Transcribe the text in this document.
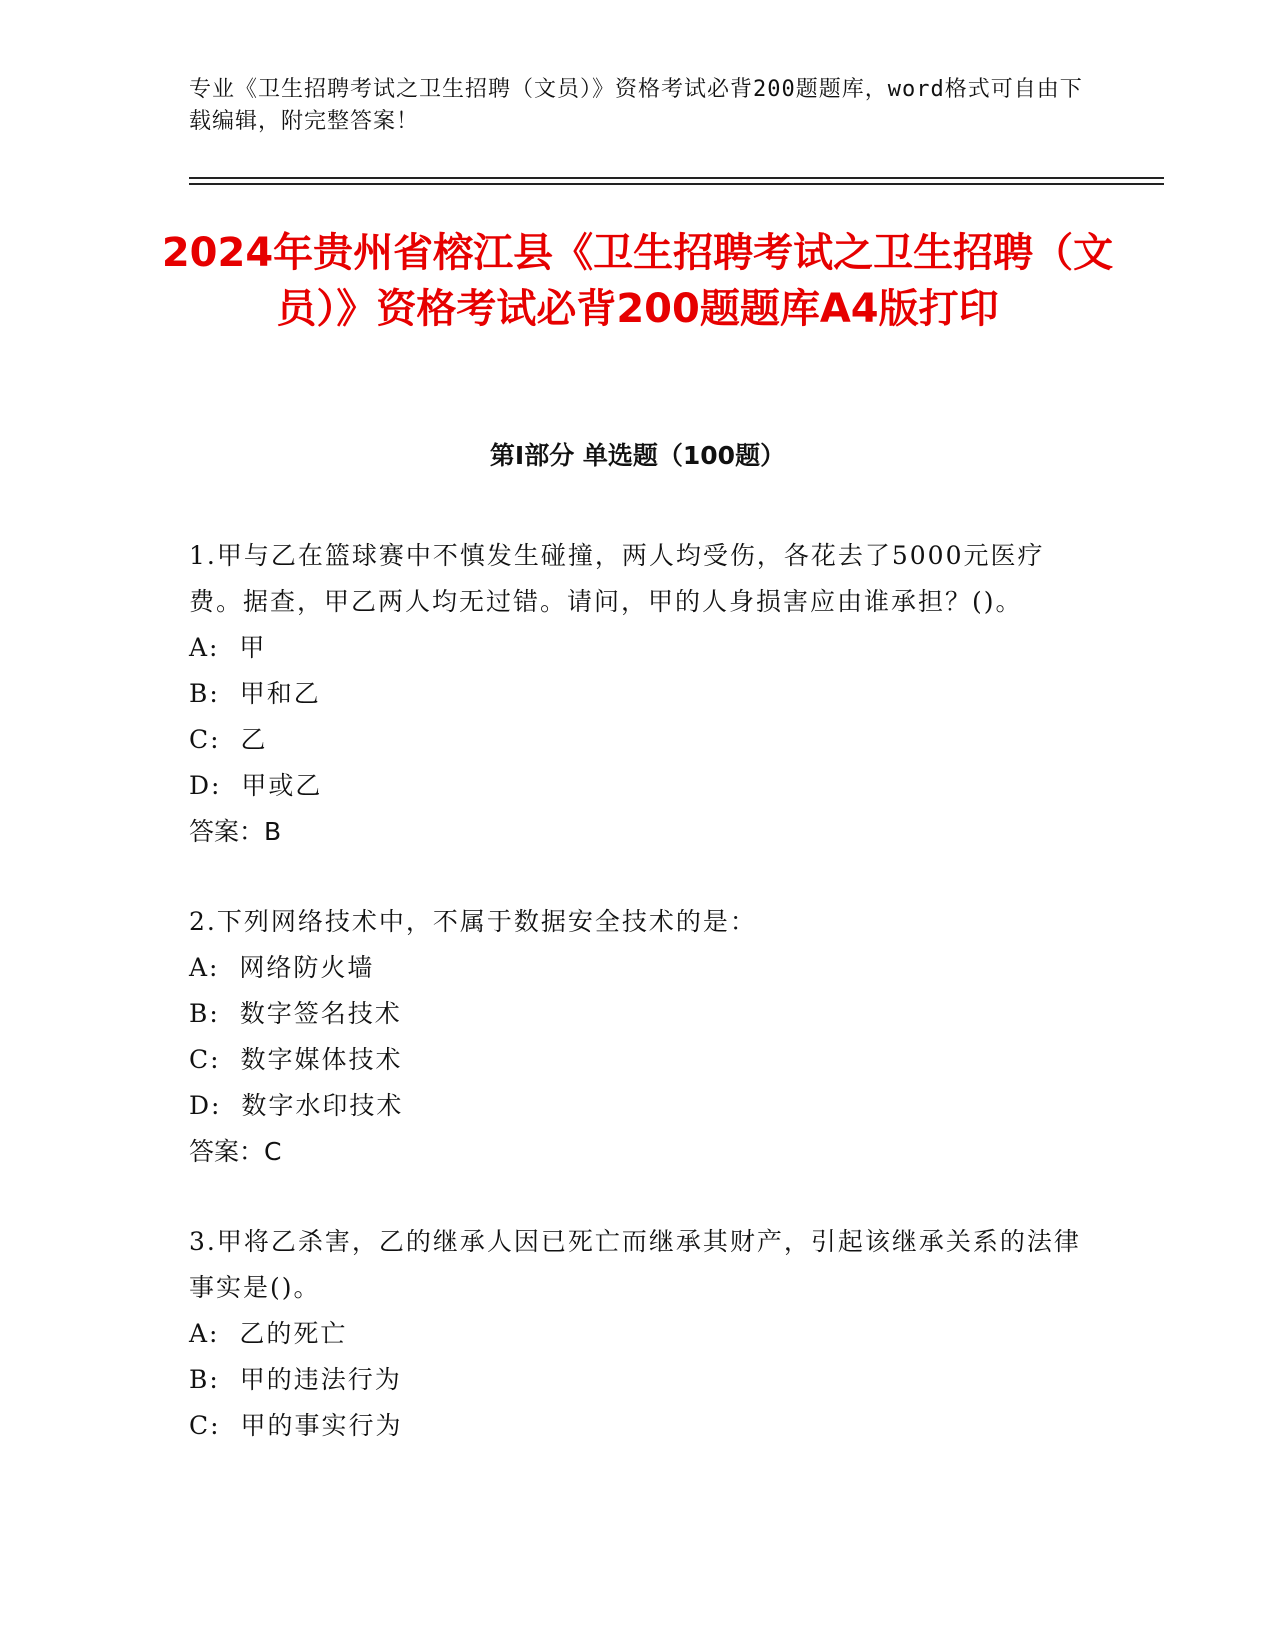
专业《卫生招聘考试之卫生招聘（文员）》资格考试必背200题题库，word格式可自由下载编辑，附完整答案！
2024年贵州省榕江县《卫生招聘考试之卫生招聘（文员）》资格考试必背200题题库A4版打印
第Ⅰ部分 单选题（100题）
1.甲与乙在篮球赛中不慎发生碰撞，两人均受伤，各花去了5000元医疗费。据查，甲乙两人均无过错。请问，甲的人身损害应由谁承担？()。
A:  甲
B:  甲和乙
C:  乙
D:  甲或乙
答案：B
2.下列网络技术中，不属于数据安全技术的是：
A:  网络防火墙
B:  数字签名技术
C:  数字媒体技术
D:  数字水印技术
答案：C
3.甲将乙杀害，乙的继承人因已死亡而继承其财产，引起该继承关系的法律事实是()。
A:  乙的死亡
B:  甲的违法行为
C:  甲的事实行为
